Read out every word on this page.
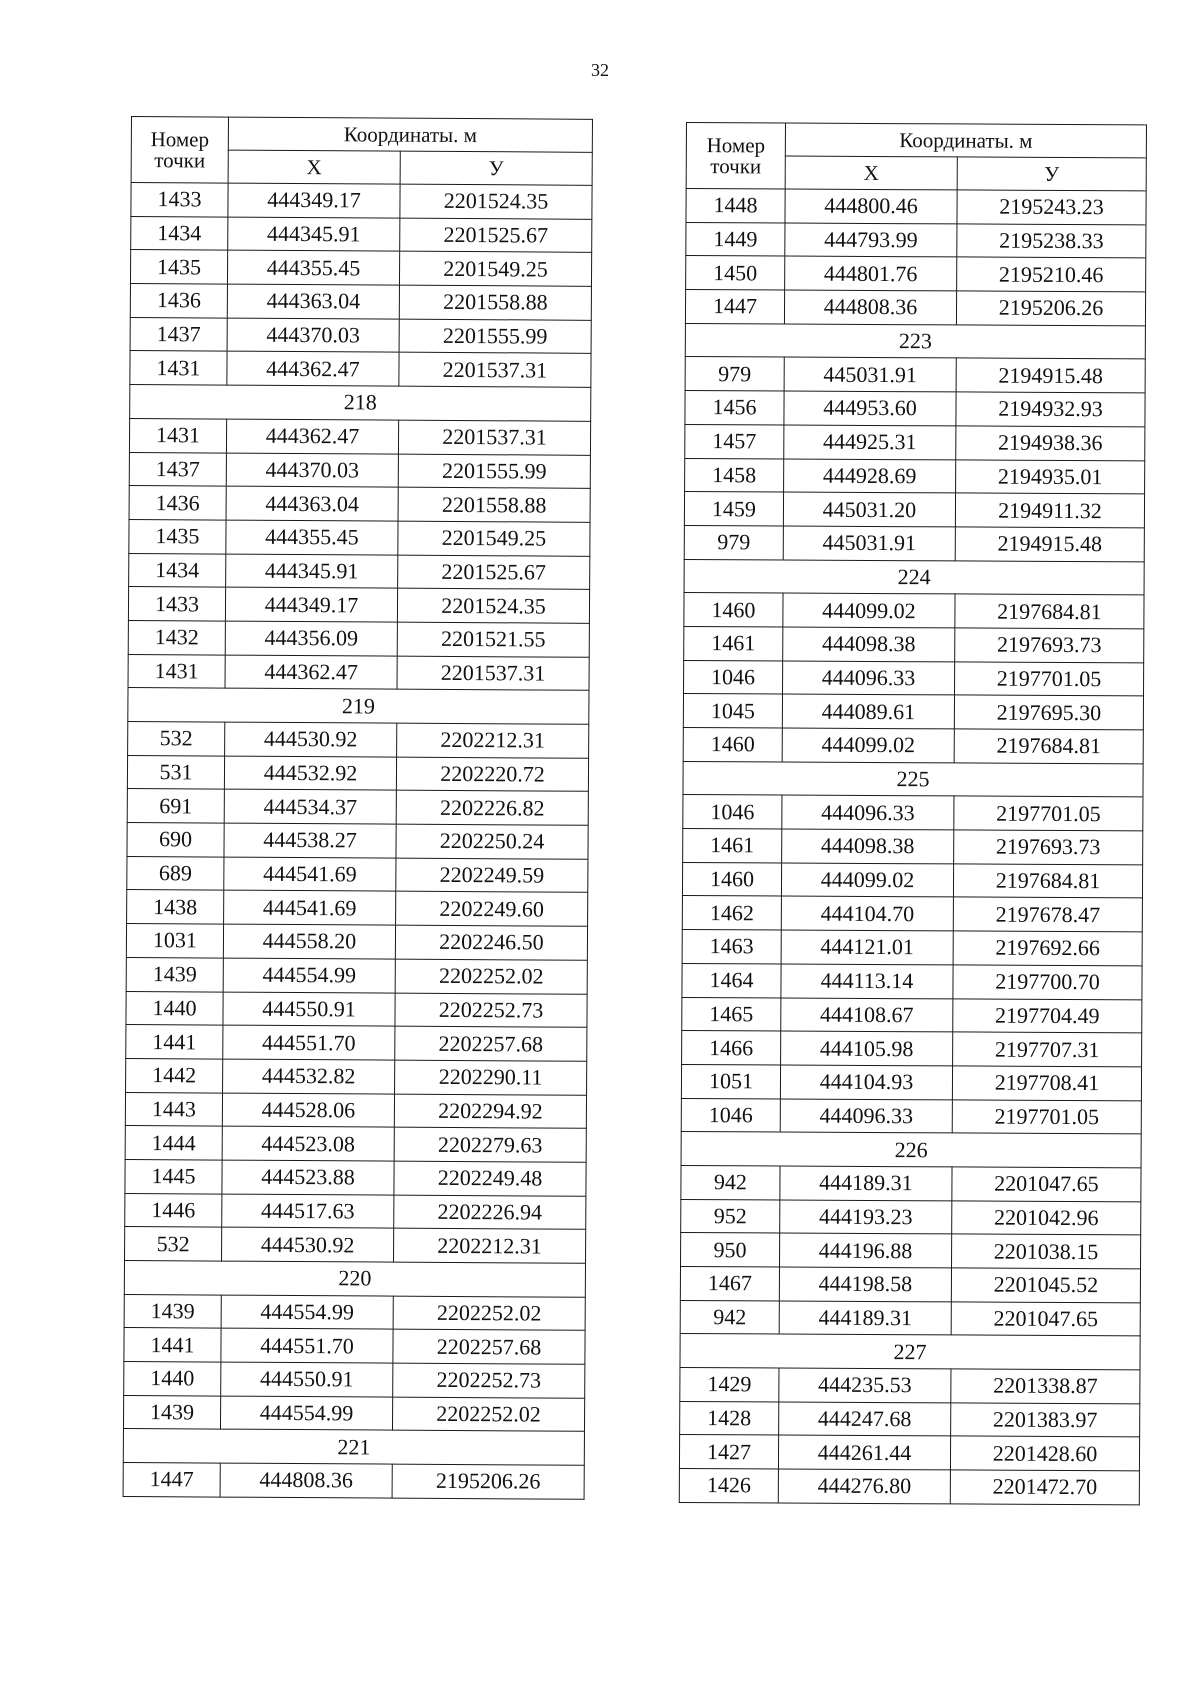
32
Номер
точки	Координаты. м	
	X	У
1433	444349.17	2201524.35
1434	444345.91	2201525.67
1435	444355.45	2201549.25
1436	444363.04	2201558.88
1437	444370.03	2201555.99
1431	444362.47	2201537.31
218		
1431	444362.47	2201537.31
1437	444370.03	2201555.99
1436	444363.04	2201558.88
1435	444355.45	2201549.25
1434	444345.91	2201525.67
1433	444349.17	2201524.35
1432	444356.09	2201521.55
1431	444362.47	2201537.31
219		
532	444530.92	2202212.31
531	444532.92	2202220.72
691	444534.37	2202226.82
690	444538.27	2202250.24
689	444541.69	2202249.59
1438	444541.69	2202249.60
1031	444558.20	2202246.50
1439	444554.99	2202252.02
1440	444550.91	2202252.73
1441	444551.70	2202257.68
1442	444532.82	2202290.11
1443	444528.06	2202294.92
1444	444523.08	2202279.63
1445	444523.88	2202249.48
1446	444517.63	2202226.94
532	444530.92	2202212.31
220		
1439	444554.99	2202252.02
1441	444551.70	2202257.68
1440	444550.91	2202252.73
1439	444554.99	2202252.02
221		
1447	444808.36	2195206.26
Номер
точки	Координаты. м	
	X	У
1448	444800.46	2195243.23
1449	444793.99	2195238.33
1450	444801.76	2195210.46
1447	444808.36	2195206.26
223		
979	445031.91	2194915.48
1456	444953.60	2194932.93
1457	444925.31	2194938.36
1458	444928.69	2194935.01
1459	445031.20	2194911.32
979	445031.91	2194915.48
224		
1460	444099.02	2197684.81
1461	444098.38	2197693.73
1046	444096.33	2197701.05
1045	444089.61	2197695.30
1460	444099.02	2197684.81
225		
1046	444096.33	2197701.05
1461	444098.38	2197693.73
1460	444099.02	2197684.81
1462	444104.70	2197678.47
1463	444121.01	2197692.66
1464	444113.14	2197700.70
1465	444108.67	2197704.49
1466	444105.98	2197707.31
1051	444104.93	2197708.41
1046	444096.33	2197701.05
226		
942	444189.31	2201047.65
952	444193.23	2201042.96
950	444196.88	2201038.15
1467	444198.58	2201045.52
942	444189.31	2201047.65
227		
1429	444235.53	2201338.87
1428	444247.68	2201383.97
1427	444261.44	2201428.60
1426	444276.80	2201472.70
